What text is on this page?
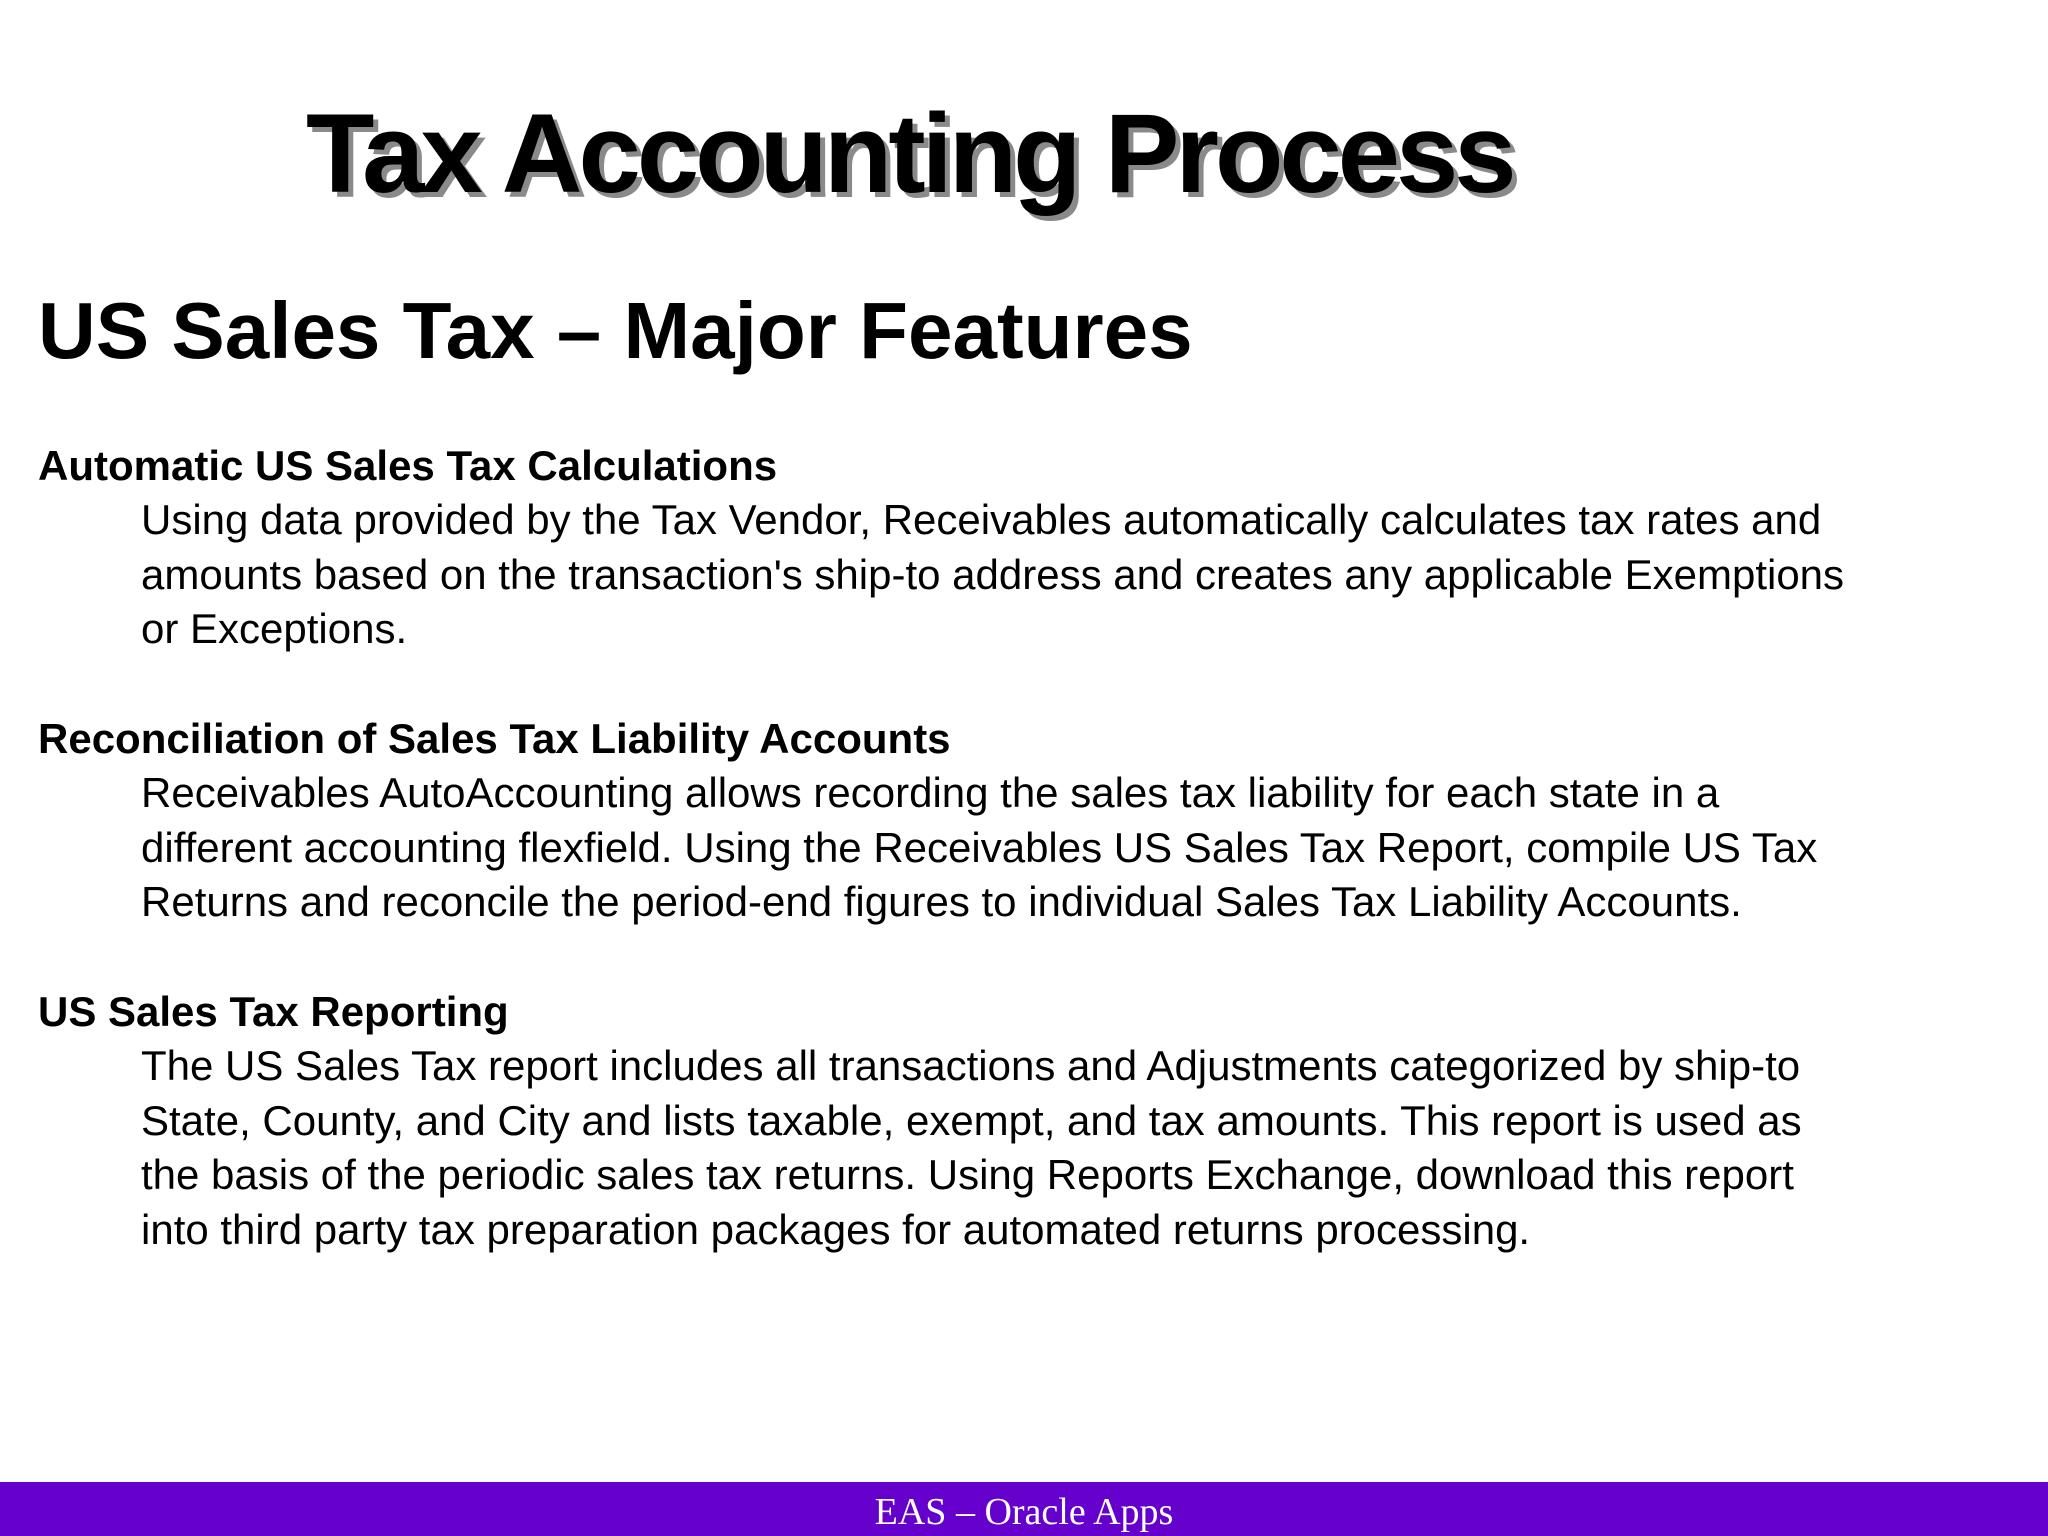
Tax Accounting Process
US Sales Tax – Major Features
Automatic US Sales Tax Calculations
Using data provided by the Tax Vendor, Receivables automatically calculates tax rates and
amounts based on the transaction's ship-to address and creates any applicable Exemptions
or Exceptions.
Reconciliation of Sales Tax Liability Accounts
Receivables AutoAccounting allows recording the sales tax liability for each state in a
different accounting flexfield. Using the Receivables US Sales Tax Report, compile US Tax
Returns and reconcile the period-end figures to individual Sales Tax Liability Accounts.
US Sales Tax Reporting
The US Sales Tax report includes all transactions and Adjustments categorized by ship-to
State, County, and City and lists taxable, exempt, and tax amounts. This report is used as
the basis of the periodic sales tax returns. Using Reports Exchange, download this report
into third party tax preparation packages for automated returns processing.
EAS – Oracle Apps
